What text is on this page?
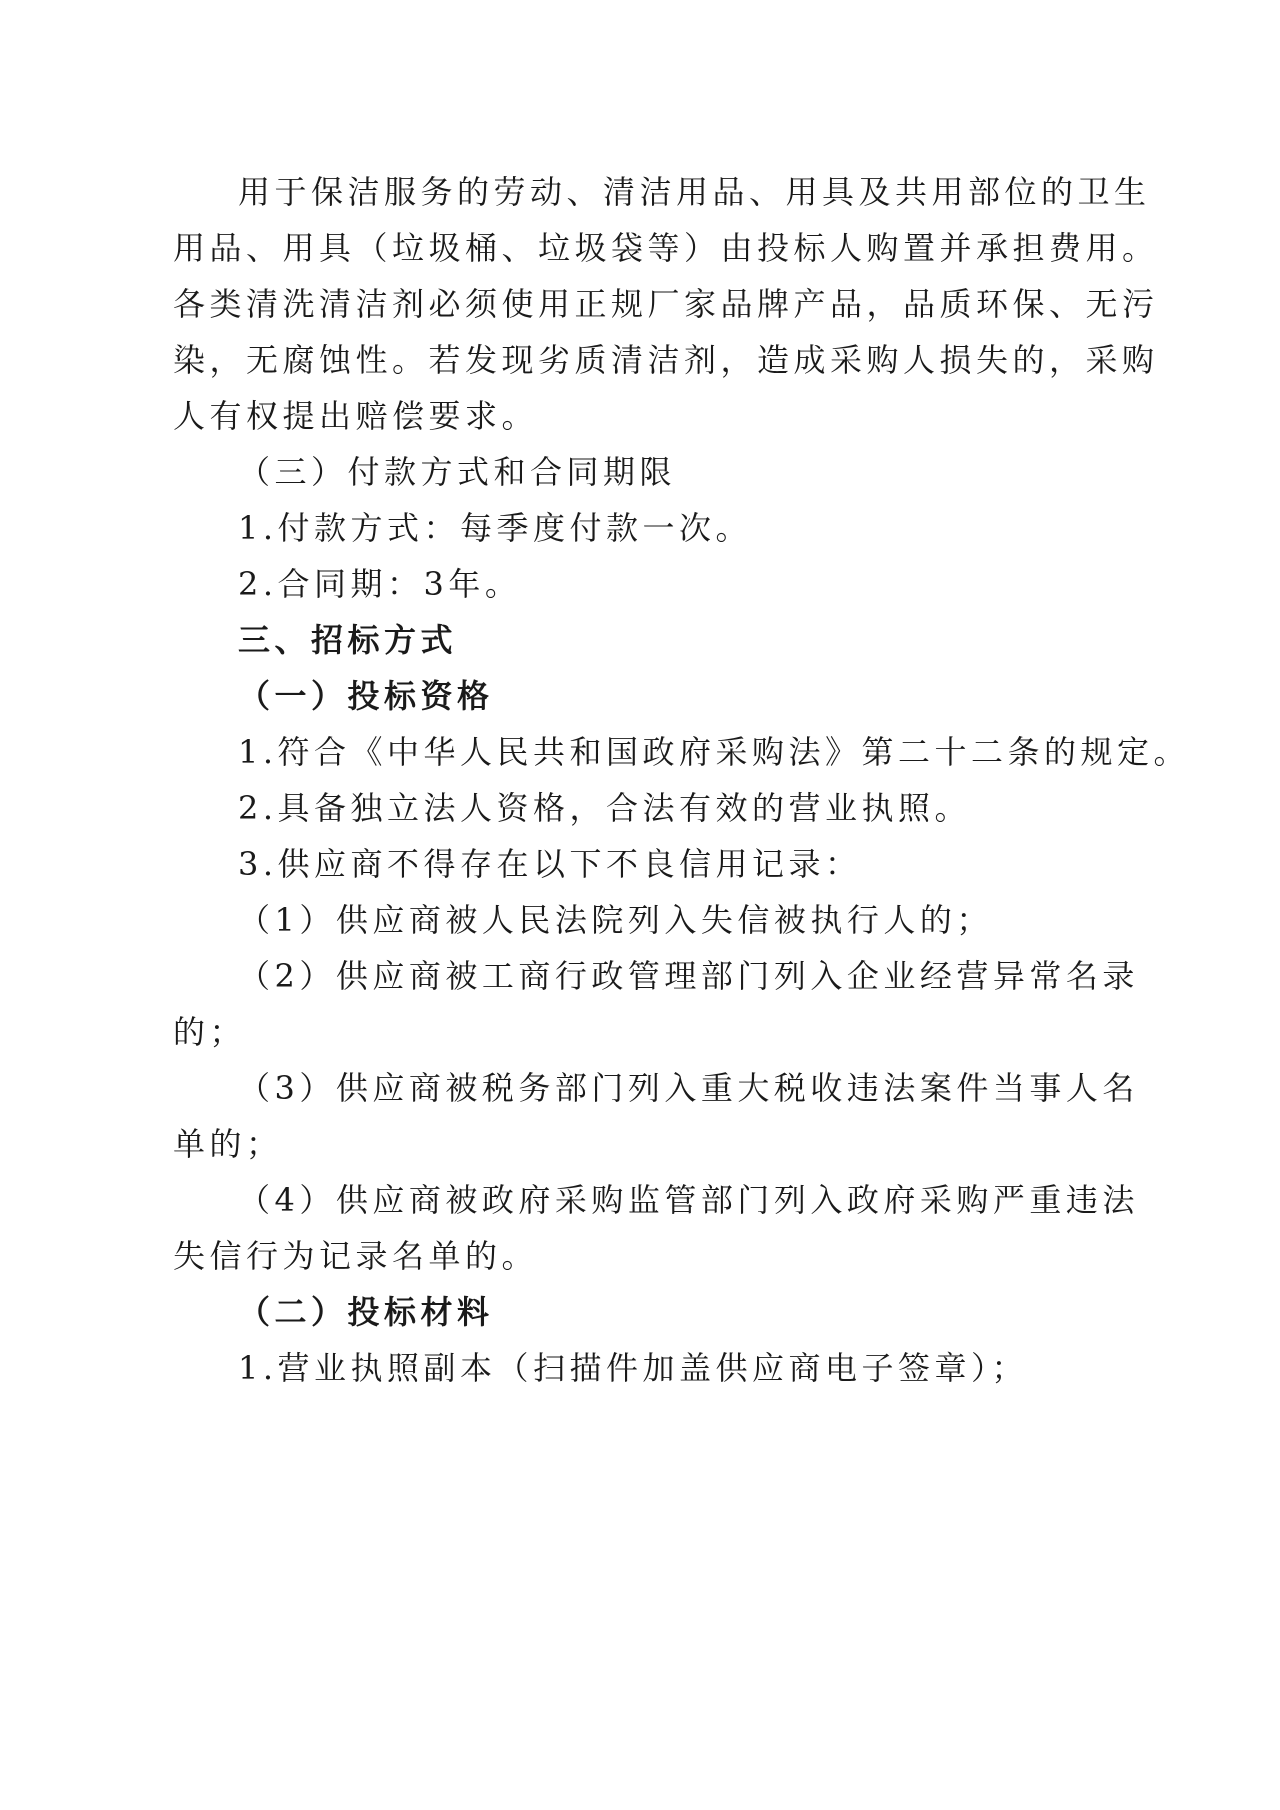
用于保洁服务的劳动、清洁用品、用具及共用部位的卫生
用品、用具（垃圾桶、垃圾袋等）由投标人购置并承担费用。
各类清洗清洁剂必须使用正规厂家品牌产品，品质环保、无污
染，无腐蚀性。若发现劣质清洁剂，造成采购人损失的，采购
人有权提出赔偿要求。
（三）付款方式和合同期限
1.付款方式：每季度付款一次。
2.合同期：3年。
三、招标方式
（一）投标资格
1.符合《中华人民共和国政府采购法》第二十二条的规定。
2.具备独立法人资格，合法有效的营业执照。
3.供应商不得存在以下不良信用记录：
（1）供应商被人民法院列入失信被执行人的；
（2）供应商被工商行政管理部门列入企业经营异常名录
的；
（3）供应商被税务部门列入重大税收违法案件当事人名
单的；
（4）供应商被政府采购监管部门列入政府采购严重违法
失信行为记录名单的。
（二）投标材料
1.营业执照副本（扫描件加盖供应商电子签章）；
